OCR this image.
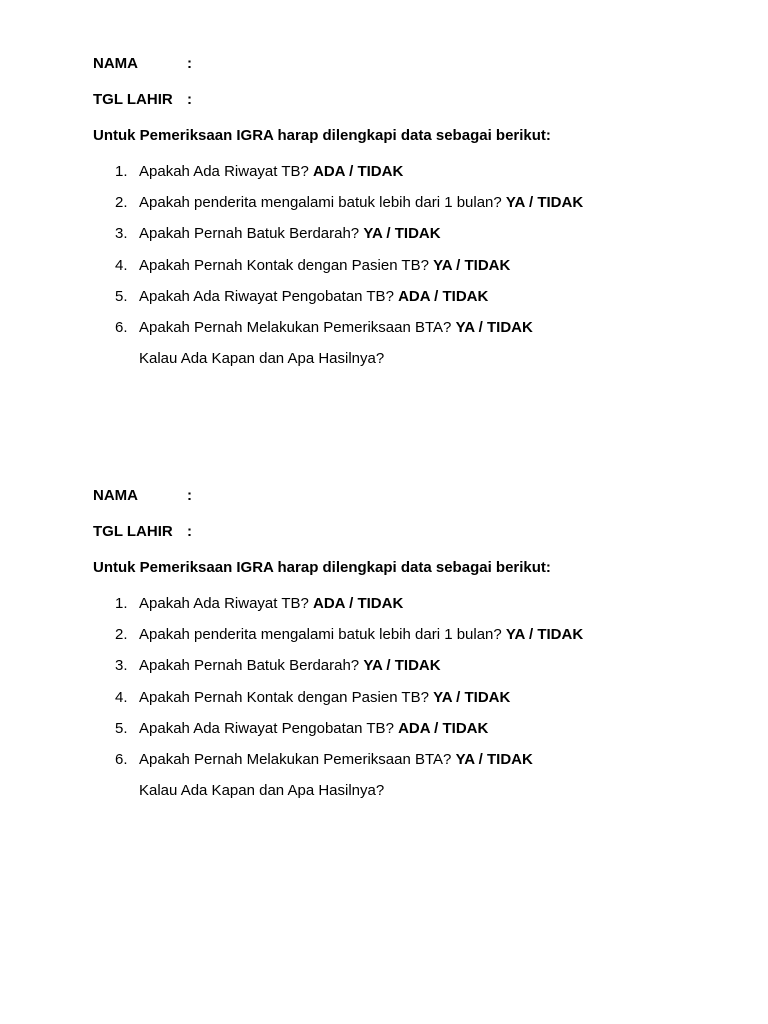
NAMA	:
TGL LAHIR :
Untuk Pemeriksaan IGRA harap dilengkapi data sebagai berikut:
1. Apakah Ada Riwayat TB? ADA / TIDAK
2. Apakah penderita mengalami batuk lebih dari 1 bulan? YA / TIDAK
3. Apakah Pernah Batuk Berdarah? YA / TIDAK
4. Apakah Pernah Kontak dengan Pasien TB? YA / TIDAK
5. Apakah Ada Riwayat Pengobatan TB? ADA / TIDAK
6. Apakah Pernah Melakukan Pemeriksaan BTA? YA / TIDAK
Kalau Ada Kapan dan Apa Hasilnya?
NAMA	:
TGL LAHIR :
Untuk Pemeriksaan IGRA harap dilengkapi data sebagai berikut:
1. Apakah Ada Riwayat TB? ADA / TIDAK
2. Apakah penderita mengalami batuk lebih dari 1 bulan? YA / TIDAK
3. Apakah Pernah Batuk Berdarah? YA / TIDAK
4. Apakah Pernah Kontak dengan Pasien TB? YA / TIDAK
5. Apakah Ada Riwayat Pengobatan TB? ADA / TIDAK
6. Apakah Pernah Melakukan Pemeriksaan BTA? YA / TIDAK
Kalau Ada Kapan dan Apa Hasilnya?
